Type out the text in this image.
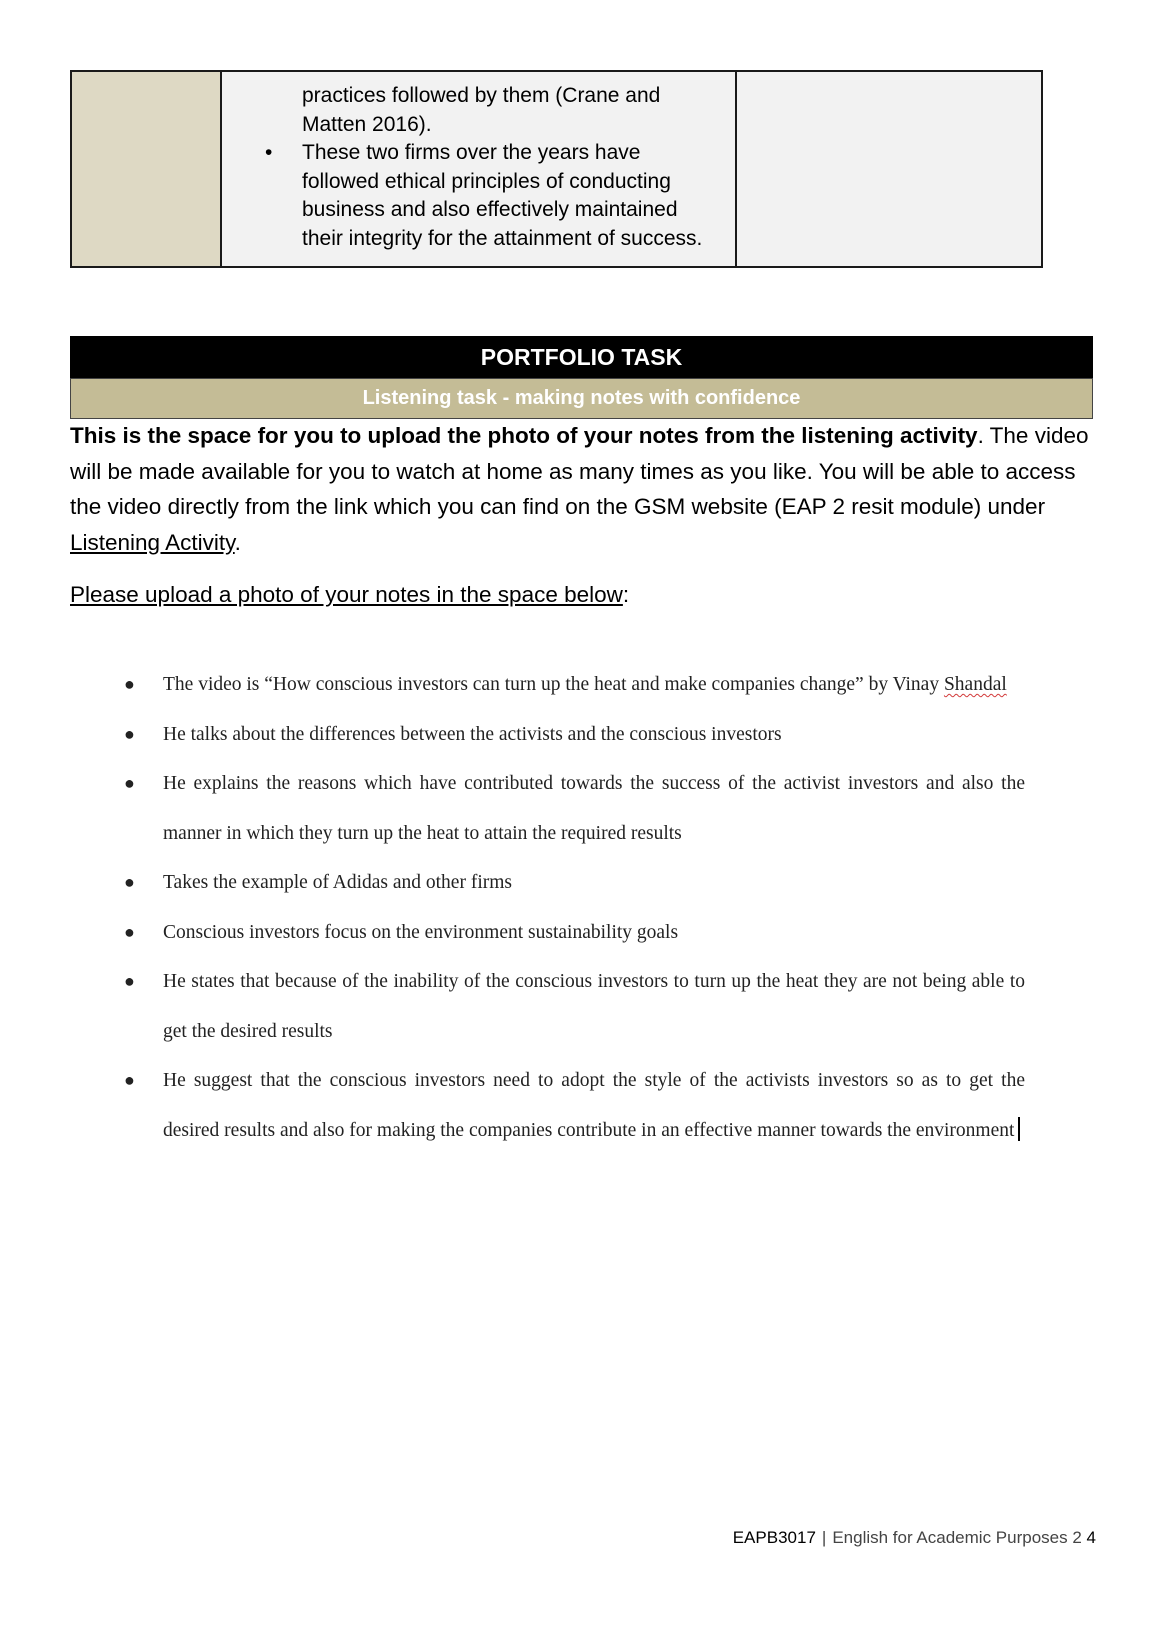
practices followed by them (Crane and
Matten 2016).
• These two firms over the years have followed ethical principles of conducting business and also effectively maintained their integrity for the attainment of success.
PORTFOLIO TASK
Listening task - making notes with confidence

This is the space for you to upload the photo of your notes from the listening activity. The video will be made available for you to watch at home as many times as you like. You will be able to access the video directly from the link which you can find on the GSM website (EAP 2 resit module) under Listening Activity.

Please upload a photo of your notes in the space below:

● The video is “How conscious investors can turn up the heat and make companies change” by Vinay Shandal
● He talks about the differences between the activists and the conscious investors
● He explains the reasons which have contributed towards the success of the activist investors and also the manner in which they turn up the heat to attain the required results
● Takes the example of Adidas and other firms
● Conscious investors focus on the environment sustainability goals
● He states that because of the inability of the conscious investors to turn up the heat they are not being able to get the desired results
● He suggest that the conscious investors need to adopt the style of the activists investors so as to get the desired results and also for making the companies contribute in an effective manner towards the environment
EAPB3017 | English for Academic Purposes 2 4
